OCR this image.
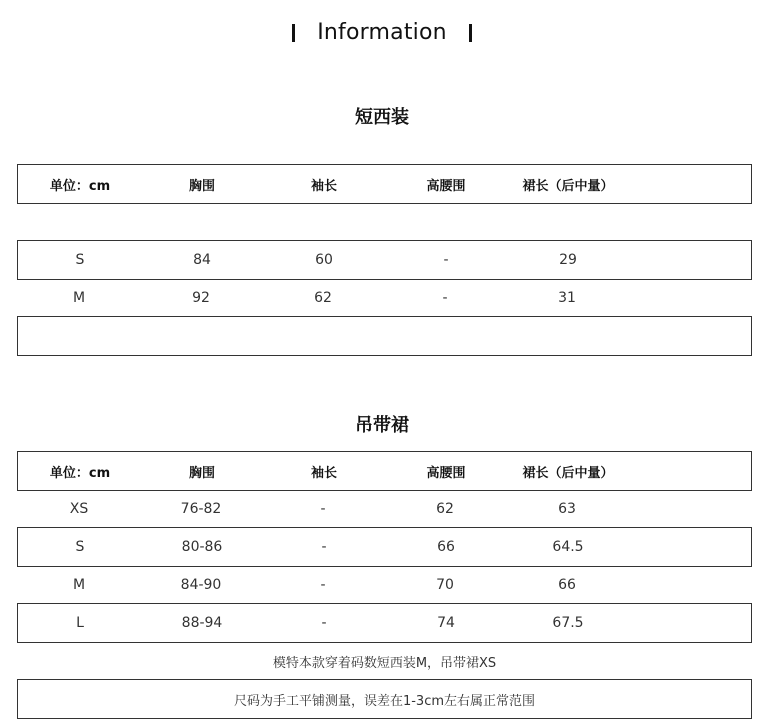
Information
短西装
单位：cm	胸围	袖长	高腰围	裙长（后中量）
S	84	60	-	29
M	92	62	-	31
吊带裙
单位：cm	胸围	袖长	高腰围	裙长（后中量）
XS	76-82	-	62	63
S	80-86	-	66	64.5
M	84-90	-	70	66
L	88-94	-	74	67.5
模特本款穿着码数短西装M，吊带裙XS
尺码为手工平铺测量，误差在1-3cm左右属正常范围
